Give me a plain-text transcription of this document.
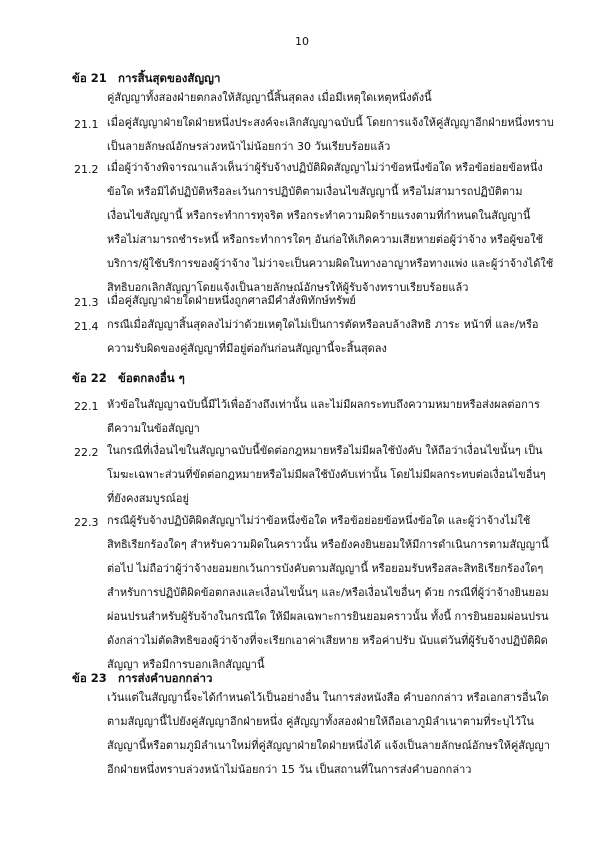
10
ข้อ 21 การสิ้นสุดของสัญญา
คู่สัญญาทั้งสองฝ่ายตกลงให้สัญญานี้สิ้นสุดลง เมื่อมีเหตุใดเหตุหนึ่งดังนี้
21.1 เมื่อคู่สัญญาฝ่ายใดฝ่ายหนึ่งประสงค์จะเลิกสัญญาฉบับนี้ โดยการแจ้งให้คู่สัญญาอีกฝ่ายหนึ่งทราบ
เป็นลายลักษณ์อักษรล่วงหน้าไม่น้อยกว่า 30 วันเรียบร้อยแล้ว
21.2 เมื่อผู้ว่าจ้างพิจารณาแล้วเห็นว่าผู้รับจ้างปฏิบัติผิดสัญญาไม่ว่าข้อหนึ่งข้อใด หรือข้อย่อยข้อหนึ่ง
ข้อใด หรือมิได้ปฏิบัติหรือละเว้นการปฏิบัติตามเงื่อนไขสัญญานี้ หรือไม่สามารถปฏิบัติตาม
เงื่อนไขสัญญานี้ หรือกระทำการทุจริต หรือกระทำความผิดร้ายแรงตามที่กำหนดในสัญญานี้
หรือไม่สามารถชำระหนี้ หรือกระทำการใดๆ อันก่อให้เกิดความเสียหายต่อผู้ว่าจ้าง หรือผู้ขอใช้
บริการ/ผู้ใช้บริการของผู้ว่าจ้าง ไม่ว่าจะเป็นความผิดในทางอาญาหรือทางแพ่ง และผู้ว่าจ้างได้ใช้
สิทธิบอกเลิกสัญญาโดยแจ้งเป็นลายลักษณ์อักษรให้ผู้รับจ้างทราบเรียบร้อยแล้ว
21.3 เมื่อคู่สัญญาฝ่ายใดฝ่ายหนึ่งถูกศาลมีคำสั่งพิทักษ์ทรัพย์
21.4 กรณีเมื่อสัญญาสิ้นสุดลงไม่ว่าด้วยเหตุใดไม่เป็นการตัดหรือลบล้างสิทธิ ภาระ หน้าที่ และ/หรือ
ความรับผิดของคู่สัญญาที่มีอยู่ต่อกันก่อนสัญญานี้จะสิ้นสุดลง
ข้อ 22 ข้อตกลงอื่น ๆ
22.1 หัวข้อในสัญญาฉบับนี้มีไว้เพื่ออ้างถึงเท่านั้น และไม่มีผลกระทบถึงความหมายหรือส่งผลต่อการ
ตีความในข้อสัญญา
22.2 ในกรณีที่เงื่อนไขในสัญญาฉบับนี้ขัดต่อกฎหมายหรือไม่มีผลใช้บังคับ ให้ถือว่าเงื่อนไขนั้นๆ เป็น
โมฆะเฉพาะส่วนที่ขัดต่อกฎหมายหรือไม่มีผลใช้บังคับเท่านั้น โดยไม่มีผลกระทบต่อเงื่อนไขอื่นๆ
ที่ยังคงสมบูรณ์อยู่
22.3 กรณีผู้รับจ้างปฏิบัติผิดสัญญาไม่ว่าข้อหนึ่งข้อใด หรือข้อย่อยข้อหนึ่งข้อใด และผู้ว่าจ้างไม่ใช้
สิทธิเรียกร้องใดๆ สำหรับความผิดในคราวนั้น หรือยังคงยินยอมให้มีการดำเนินการตามสัญญานี้
ต่อไป ไม่ถือว่าผู้ว่าจ้างยอมยกเว้นการบังคับตามสัญญานี้ หรือยอมรับหรือสละสิทธิเรียกร้องใดๆ
สำหรับการปฏิบัติผิดข้อตกลงและเงื่อนไขนั้นๆ และ/หรือเงื่อนไขอื่นๆ ด้วย กรณีที่ผู้ว่าจ้างยินยอม
ผ่อนปรนสำหรับผู้รับจ้างในกรณีใด ให้มีผลเฉพาะการยินยอมคราวนั้น ทั้งนี้ การยินยอมผ่อนปรน
ดังกล่าวไม่ตัดสิทธิของผู้ว่าจ้างที่จะเรียกเอาค่าเสียหาย หรือค่าปรับ นับแต่วันที่ผู้รับจ้างปฏิบัติผิด
สัญญา หรือมีการบอกเลิกสัญญานี้
ข้อ 23 การส่งคำบอกกล่าว
เว้นแต่ในสัญญานี้จะได้กำหนดไว้เป็นอย่างอื่น ในการส่งหนังสือ คำบอกกล่าว หรือเอกสารอื่นใด
ตามสัญญานี้ไปยังคู่สัญญาอีกฝ่ายหนึ่ง คู่สัญญาทั้งสองฝ่ายให้ถือเอาภูมิลำเนาตามที่ระบุไว้ใน
สัญญานี้หรือตามภูมิลำเนาใหม่ที่คู่สัญญาฝ่ายใดฝ่ายหนึ่งได้ แจ้งเป็นลายลักษณ์อักษรให้คู่สัญญา
อีกฝ่ายหนึ่งทราบล่วงหน้าไม่น้อยกว่า 15 วัน เป็นสถานที่ในการส่งคำบอกกล่าว
